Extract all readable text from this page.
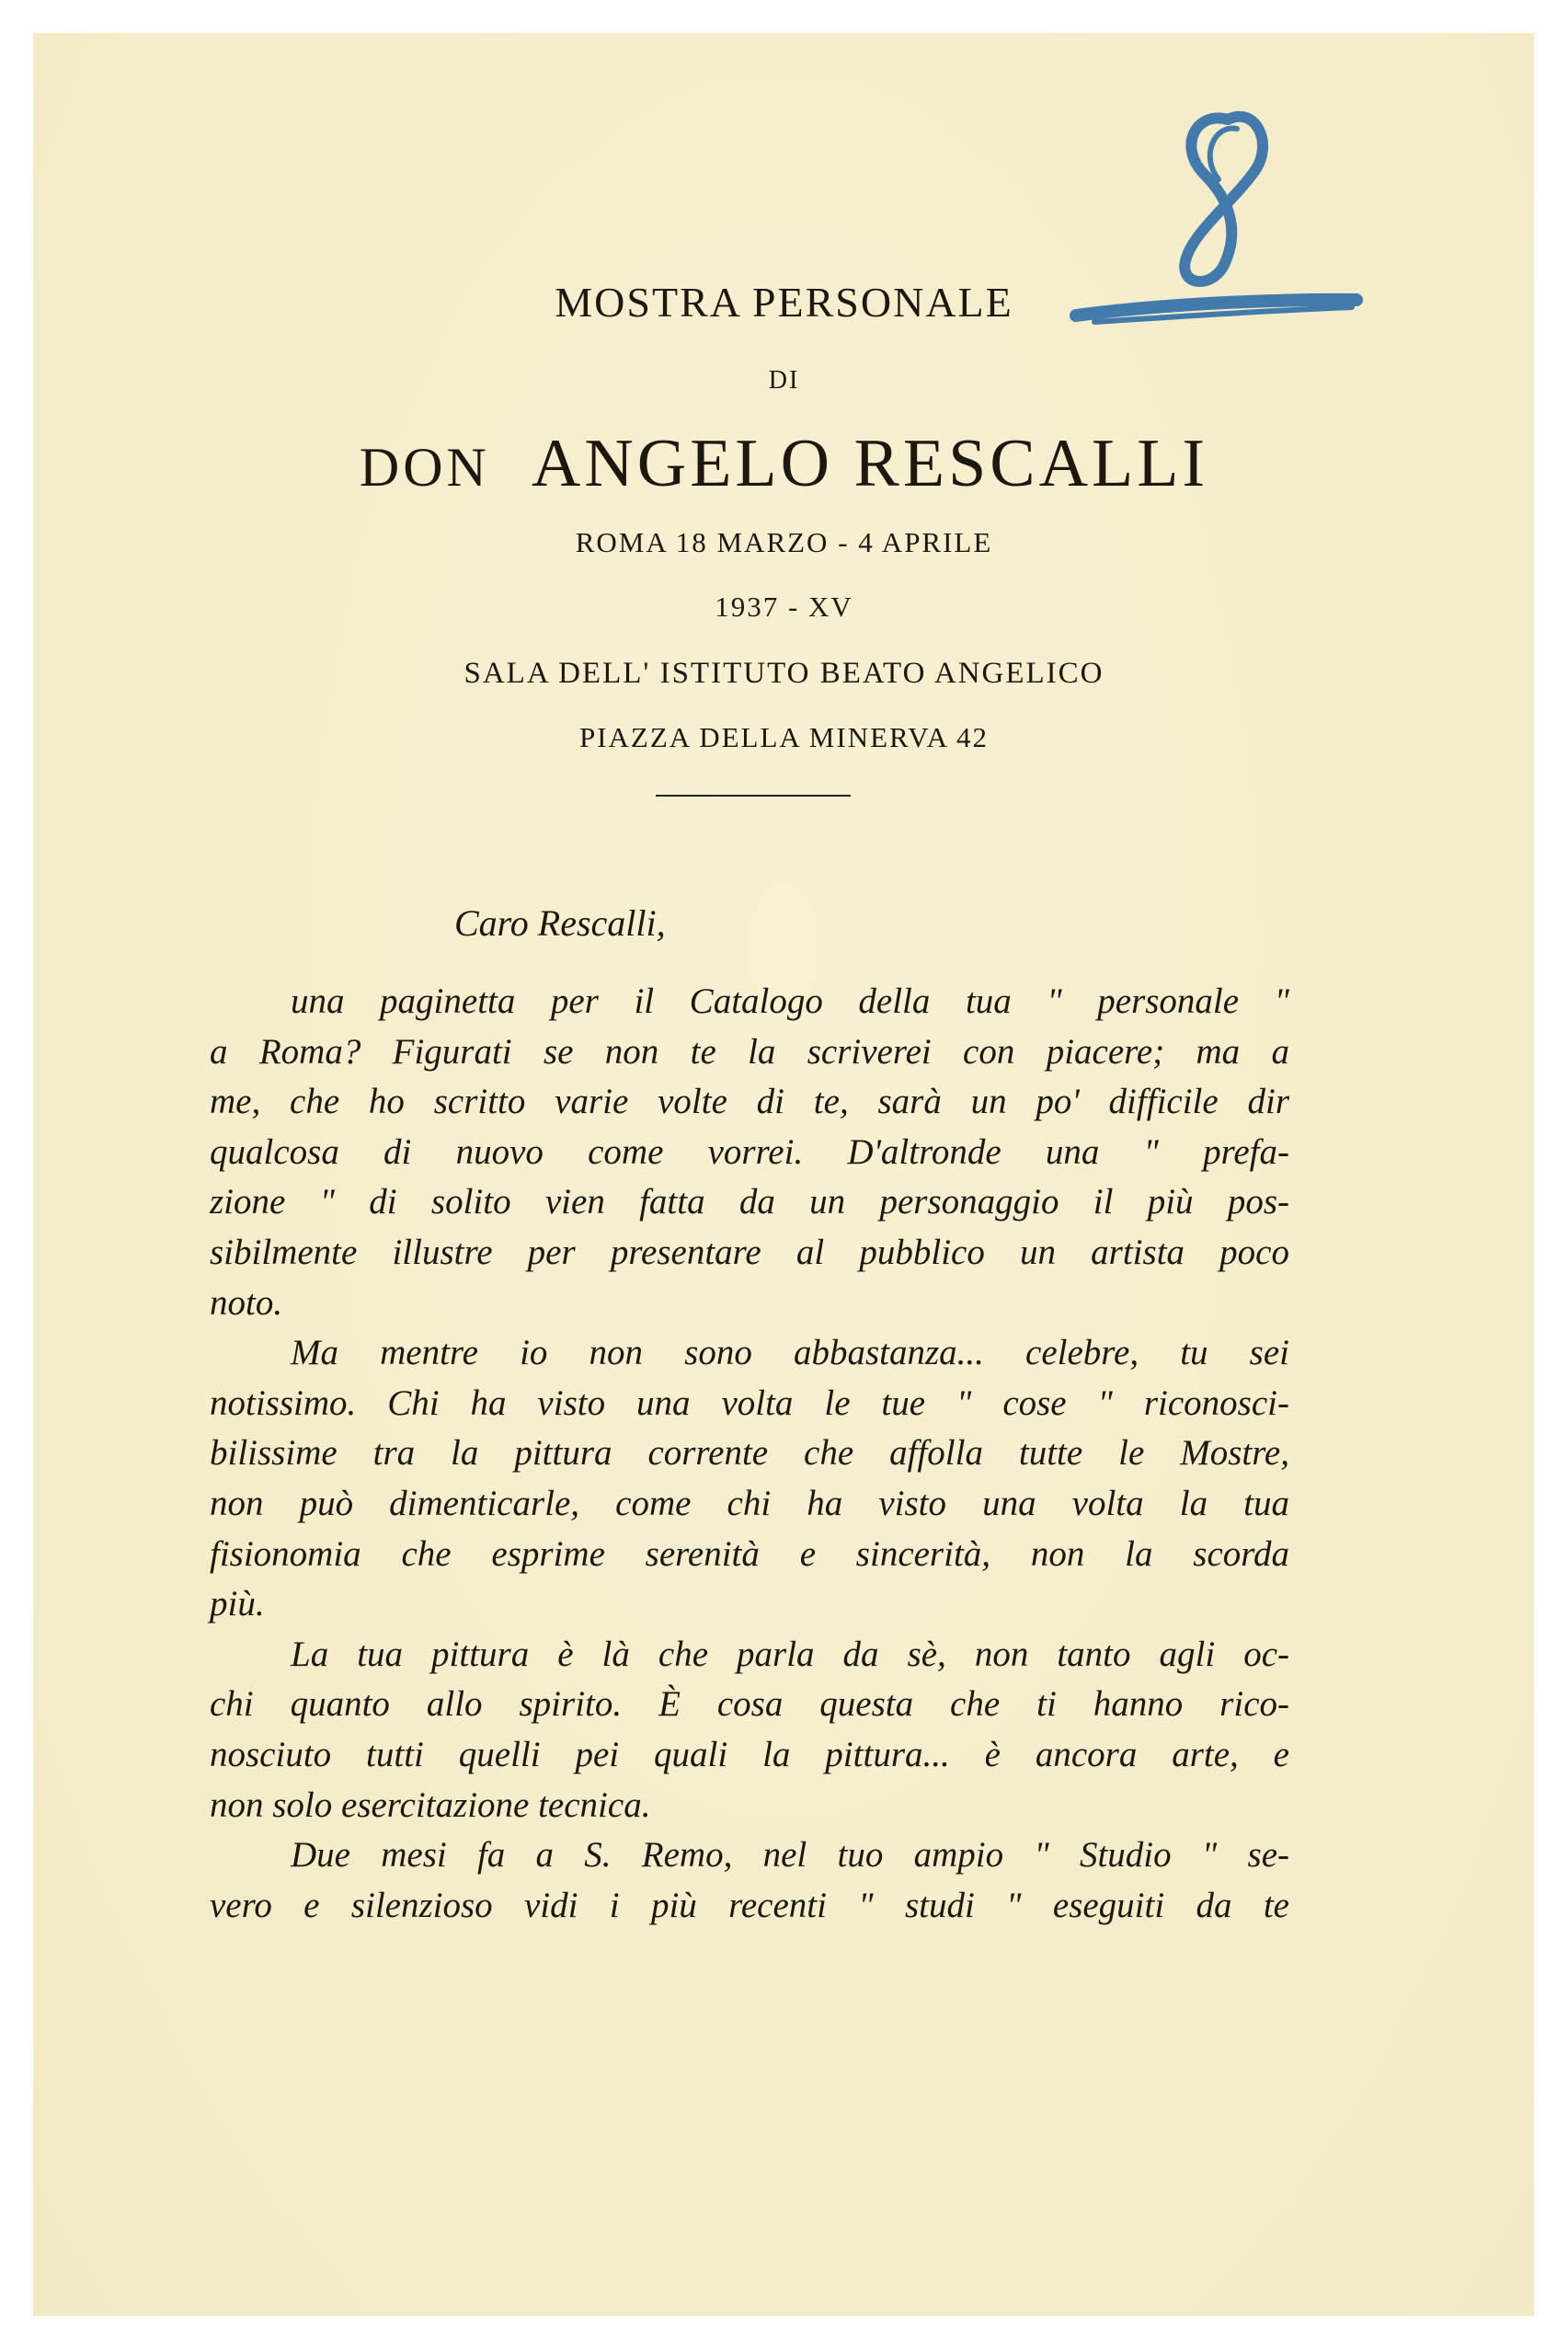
MOSTRA PERSONALE
DI
DON ANGELO RESCALLI
ROMA 18 MARZO - 4 APRILE
1937 - XV
SALA DELL' ISTITUTO BEATO ANGELICO
PIAZZA DELLA MINERVA 42
Caro Rescalli,
una paginetta per il Catalogo della tua " personale "
a Roma? Figurati se non te la scriverei con piacere; ma a
me, che ho scritto varie volte di te, sarà un po' difficile dir
qualcosa di nuovo come vorrei. D'altronde una " prefa-
zione " di solito vien fatta da un personaggio il più pos-
sibilmente illustre per presentare al pubblico un artista poco
noto.
Ma mentre io non sono abbastanza... celebre, tu sei
notissimo. Chi ha visto una volta le tue " cose " riconosci-
bilissime tra la pittura corrente che affolla tutte le Mostre,
non può dimenticarle, come chi ha visto una volta la tua
fisionomia che esprime serenità e sincerità, non la scorda
più.
La tua pittura è là che parla da sè, non tanto agli oc-
chi quanto allo spirito. È cosa questa che ti hanno rico-
nosciuto tutti quelli pei quali la pittura... è ancora arte, e
non solo esercitazione tecnica.
Due mesi fa a S. Remo, nel tuo ampio " Studio " se-
vero e silenzioso vidi i più recenti " studi " eseguiti da te
